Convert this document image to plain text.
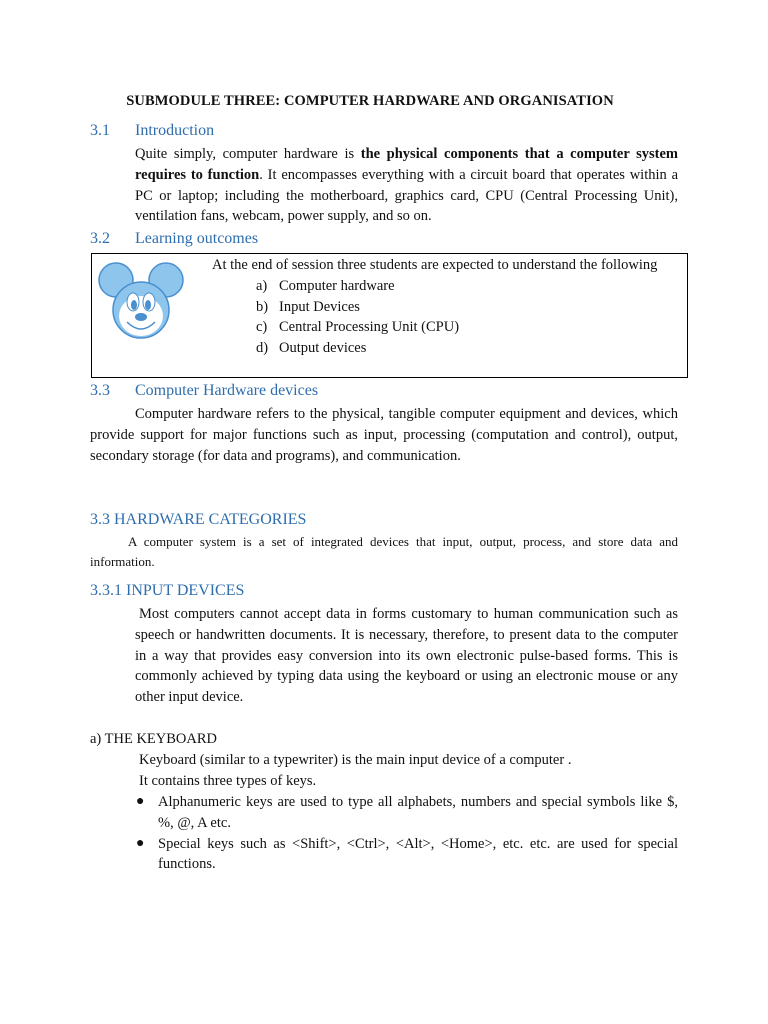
SUBMODULE THREE: COMPUTER HARDWARE AND ORGANISATION
3.1 Introduction

Quite simply, computer hardware is the physical components that a computer system requires to function. It encompasses everything with a circuit board that operates within a PC or laptop; including the motherboard, graphics card, CPU (Central Processing Unit), ventilation fans, webcam, power supply, and so on.

3.2 Learning outcomes
At the end of session three students are expected to understand the following
a) Computer hardware
b) Input Devices
c) Central Processing Unit (CPU)
d) Output devices
3.3 Computer Hardware devices

Computer hardware refers to the physical, tangible computer equipment and devices, which provide support for major functions such as input, processing (computation and control), output, secondary storage (for data and programs), and communication.

3.3 HARDWARE CATEGORIES
A computer system is a set of integrated devices that input, output, process, and store data and information.
3.3.1 INPUT DEVICES

Most computers cannot accept data in forms customary to human communication such as speech or handwritten documents. It is necessary, therefore, to present data to the computer in a way that provides easy conversion into its own electronic pulse-based forms. This is commonly achieved by typing data using the keyboard or using an electronic mouse or any other input device.

a) THE KEYBOARD
Keyboard (similar to a typewriter) is the main input device of a computer .
It contains three types of keys.
● Alphanumeric keys are used to type all alphabets, numbers and special symbols like $, %, @, A etc.
● Special keys such as <Shift>, <Ctrl>, <Alt>, <Home>, etc. etc. are used for special functions.
